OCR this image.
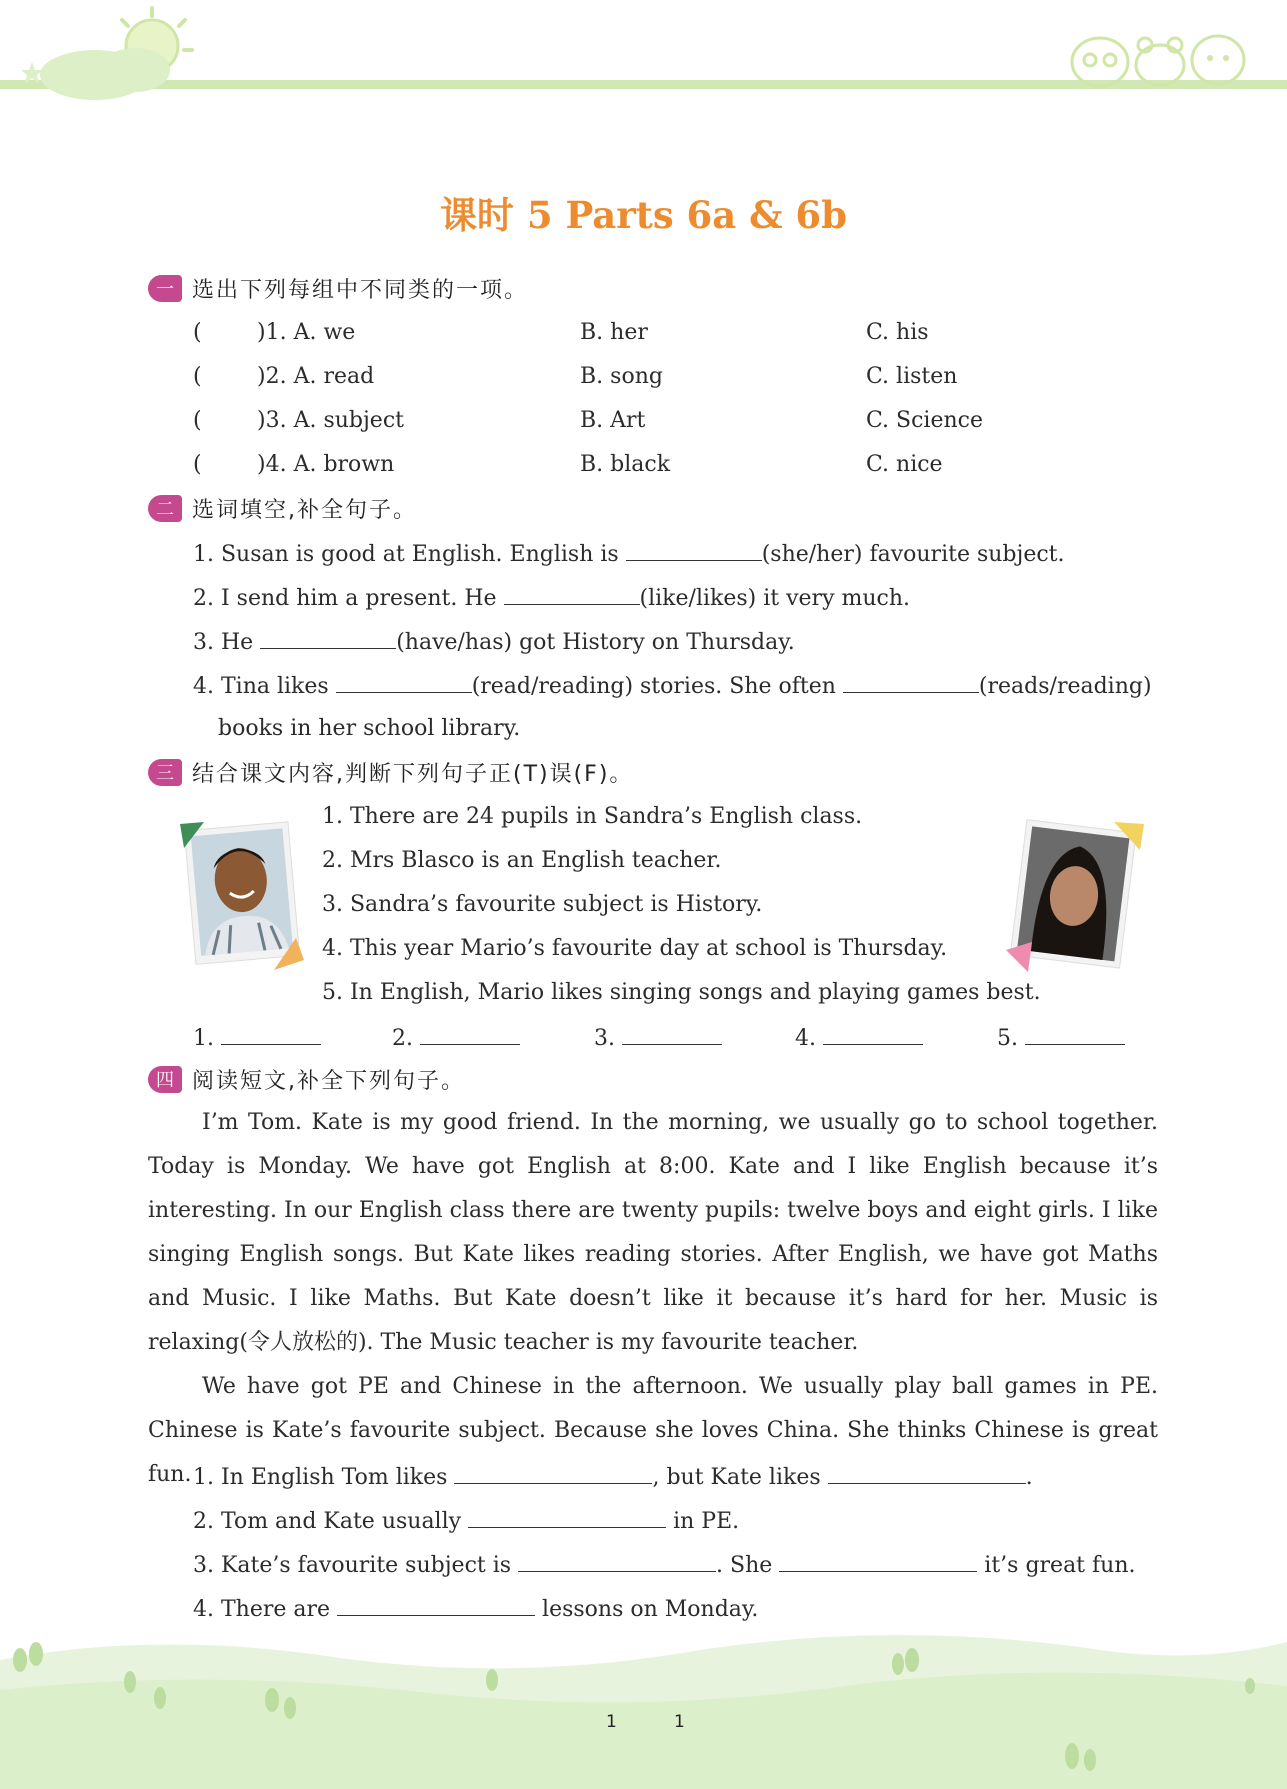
课时 5 Parts 6a & 6b
一 选出下列每组中不同类的一项。
(	)1. A. we	B. her	C. his
(	)2. A. read	B. song	C. listen
(	)3. A. subject	B. Art	C. Science
(	)4. A. brown	B. black	C. nice
二 选词填空,补全句子。
1. Susan is good at English. English is	(she/her) favourite subject.
2. I send him a present. He	(like/likes) it very much.
3. He	(have/has) got History on Thursday.
4. Tina likes	(read/reading) stories. She often	(reads/reading)
books in her school library.
三 结合课文内容,判断下列句子正(T)误(F)。
1. There are 24 pupils in Sandra’s English class.
2. Mrs Blasco is an English teacher.
3. Sandra’s favourite subject is History.
4. This year Mario’s favourite day at school is Thursday.
5. In English, Mario likes singing songs and playing games best.
1.	2.	3.	4.	5.
四 阅读短文,补全下列句子。

I’m Tom. Kate is my good friend. In the morning, we usually go to school together. Today is Monday. We have got English at 8:00. Kate and I like English because it’s interesting. In our English class there are twenty pupils: twelve boys and eight girls. I like singing English songs. But Kate likes reading stories. After English, we have got Maths and Music. I like Maths. But Kate doesn’t like it because it’s hard for her. Music is relaxing(令人放松的). The Music teacher is my favourite teacher.

We have got PE and Chinese in the afternoon. We usually play ball games in PE. Chinese is Kate’s favourite subject. Because she loves China. She thinks Chinese is great fun. 1. In English Tom likes	, but Kate likes	.
2. Tom and Kate usually	in PE.
3. Kate’s favourite subject is	. She	it’s great fun.
4. There are	lessons on Monday.
1	1
